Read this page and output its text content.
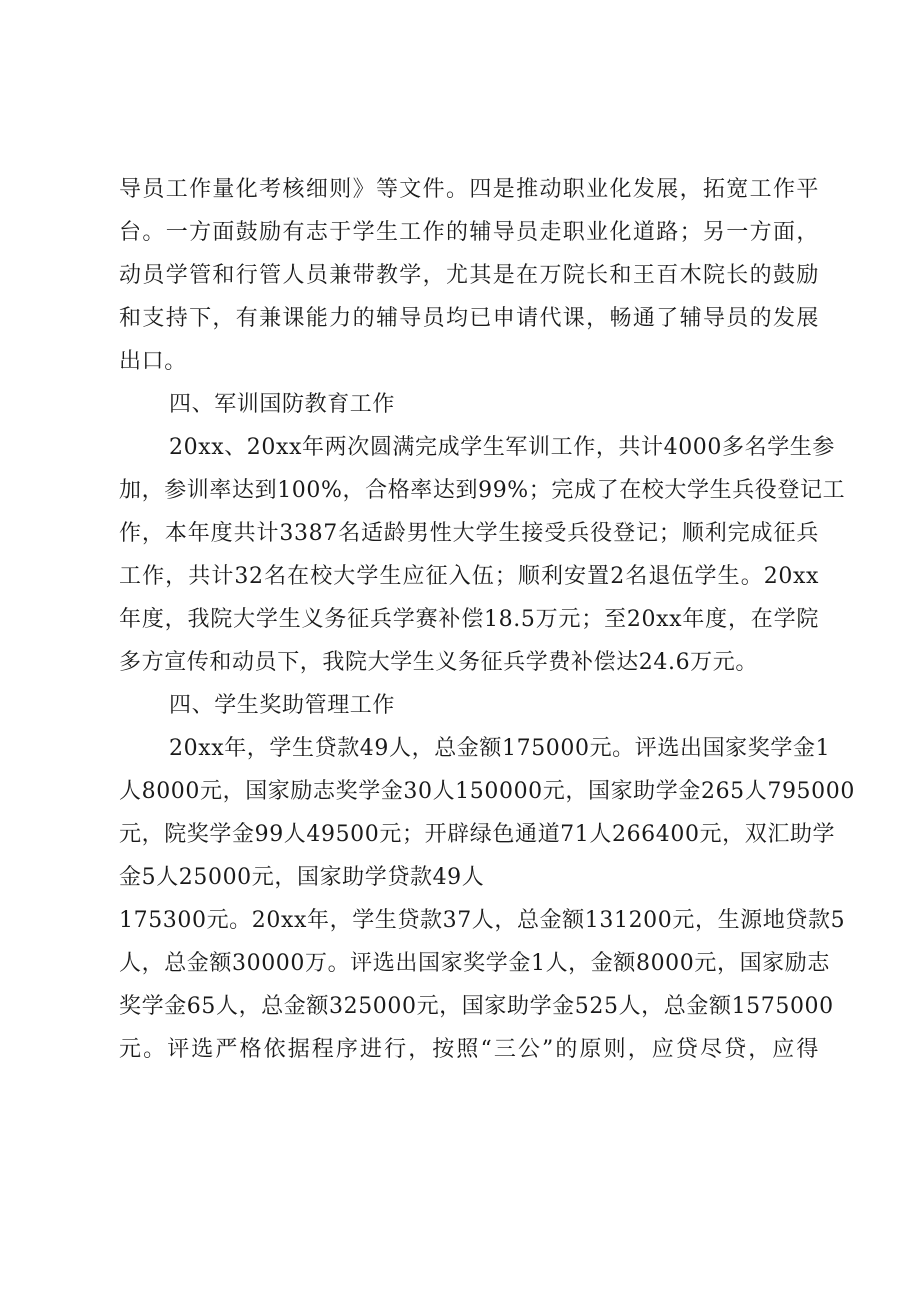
导员工作量化考核细则》等文件。四是推动职业化发展，拓宽工作平
台。一方面鼓励有志于学生工作的辅导员走职业化道路；另一方面，
动员学管和行管人员兼带教学，尤其是在万院长和王百木院长的鼓励
和支持下，有兼课能力的辅导员均已申请代课，畅通了辅导员的发展
出口。
四、军训国防教育工作
20xx、20xx年两次圆满完成学生军训工作，共计4000多名学生参
加，参训率达到100%，合格率达到99%；完成了在校大学生兵役登记工
作，本年度共计3387名适龄男性大学生接受兵役登记；顺利完成征兵
工作，共计32名在校大学生应征入伍；顺利安置2名退伍学生。20xx
年度，我院大学生义务征兵学赛补偿18.5万元；至20xx年度，在学院
多方宣传和动员下，我院大学生义务征兵学费补偿达24.6万元。
四、学生奖助管理工作
20xx年，学生贷款49人，总金额175000元。评选出国家奖学金1
人8000元，国家励志奖学金30人150000元，国家助学金265人795000
元，院奖学金99人49500元；开辟绿色通道71人266400元，双汇助学
金5人25000元，国家助学贷款49人
175300元。20xx年，学生贷款37人，总金额131200元，生源地贷款5
人，总金额30000万。评选出国家奖学金1人，金额8000元，国家励志
奖学金65人，总金额325000元，国家助学金525人，总金额1575000
元。评选严格依据程序进行，按照“三公”的原则，应贷尽贷，应得
